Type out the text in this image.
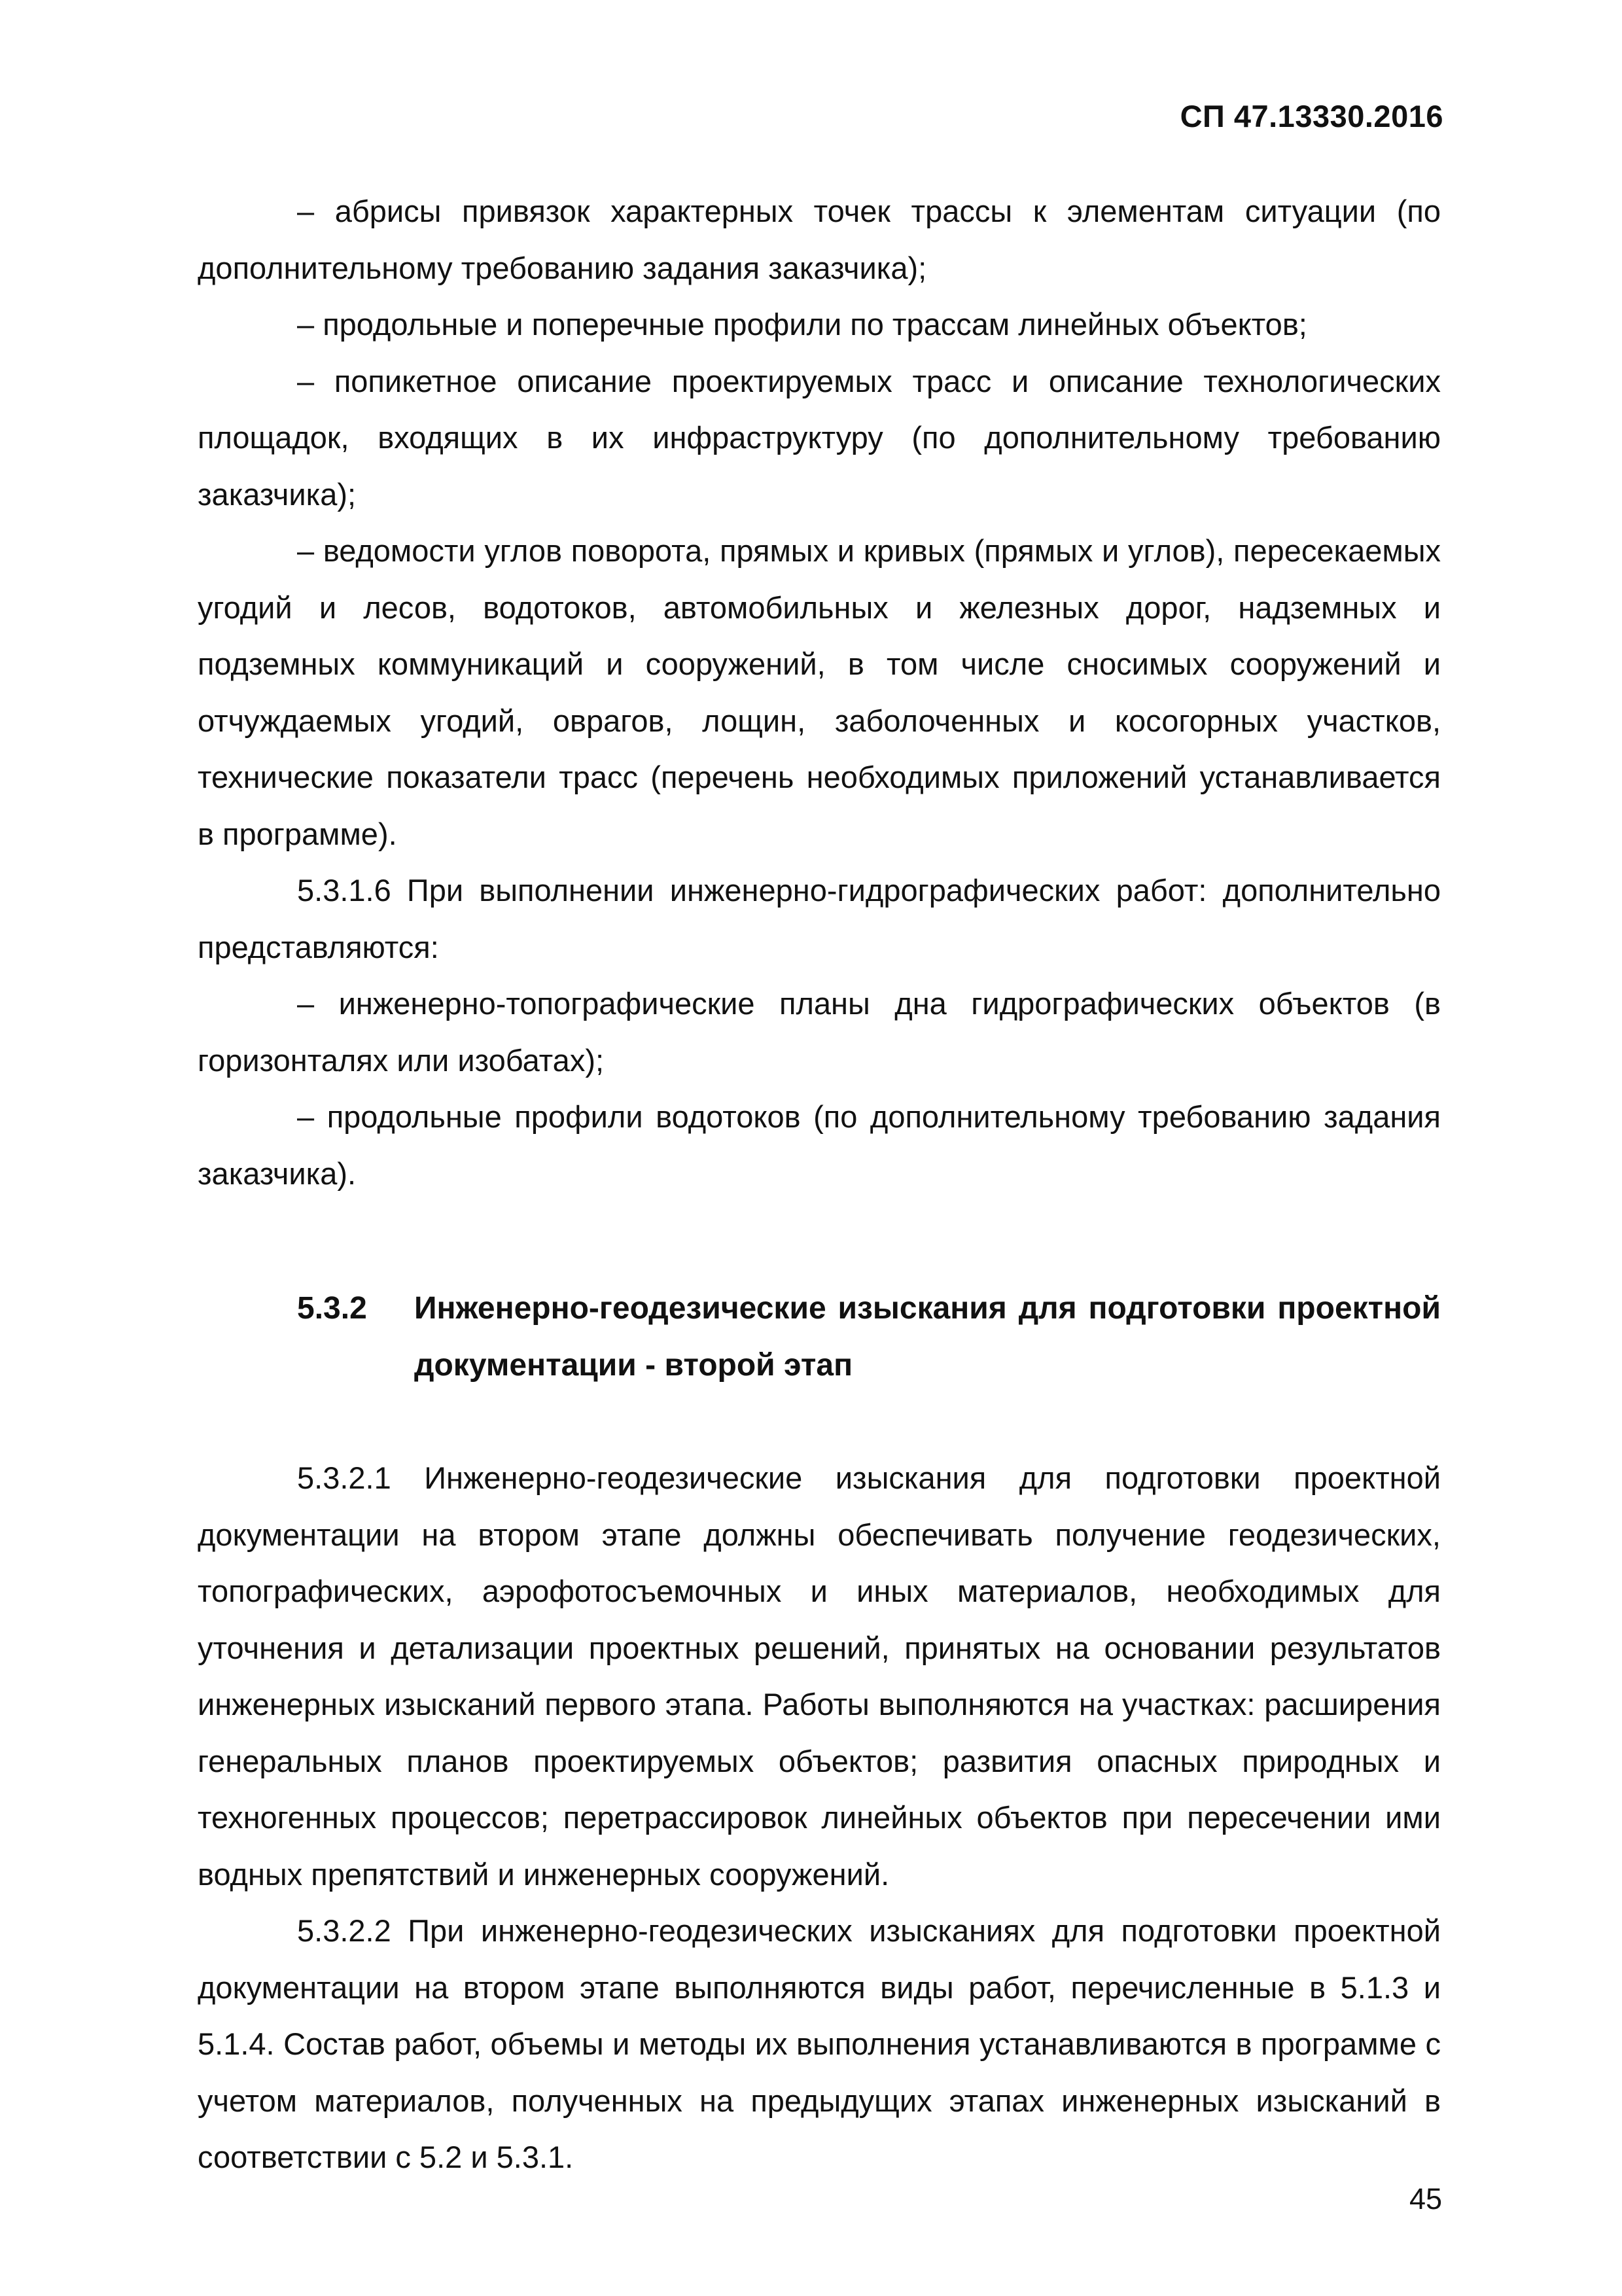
СП 47.13330.2016

– абрисы привязок характерных точек трассы к элементам ситуации (по дополнительному требованию задания заказчика);

– продольные и поперечные профили по трассам линейных объектов;

– попикетное описание проектируемых трасс и описание технологических площадок, входящих в их инфраструктуру (по дополнительному требованию заказчика);

– ведомости углов поворота, прямых и кривых (прямых и углов), пересекаемых угодий и лесов, водотоков, автомобильных и железных дорог, надземных и подземных коммуникаций и сооружений, в том числе сносимых сооружений и отчуждаемых угодий, оврагов, лощин, заболоченных и косогорных участков, технические показатели трасс (перечень необходимых приложений устанавливается в программе).

5.3.1.6 При выполнении инженерно-гидрографических работ: дополнительно представляются:

– инженерно-топографические планы дна гидрографических объектов (в горизонталях или изобатах);

– продольные профили водотоков (по дополнительному требованию задания заказчика).

5.3.2	Инженерно-геодезические изыскания для подготовки проектной документации - второй этап

5.3.2.1 Инженерно-геодезические изыскания для подготовки проектной документации на втором этапе должны обеспечивать получение геодезических, топографических, аэрофотосъемочных и иных материалов, необходимых для уточнения и детализации проектных решений, принятых на основании результатов инженерных изысканий первого этапа. Работы выполняются на участках: расширения генеральных планов проектируемых объектов; развития опасных природных и техногенных процессов; перетрассировок линейных объектов при пересечении ими водных препятствий и инженерных сооружений.

5.3.2.2 При инженерно-геодезических изысканиях для подготовки проектной документации на втором этапе выполняются виды работ, перечисленные в 5.1.3 и 5.1.4. Состав работ, объемы и методы их выполнения устанавливаются в программе с учетом материалов, полученных на предыдущих этапах инженерных изысканий в соответствии с 5.2 и 5.3.1.

45
